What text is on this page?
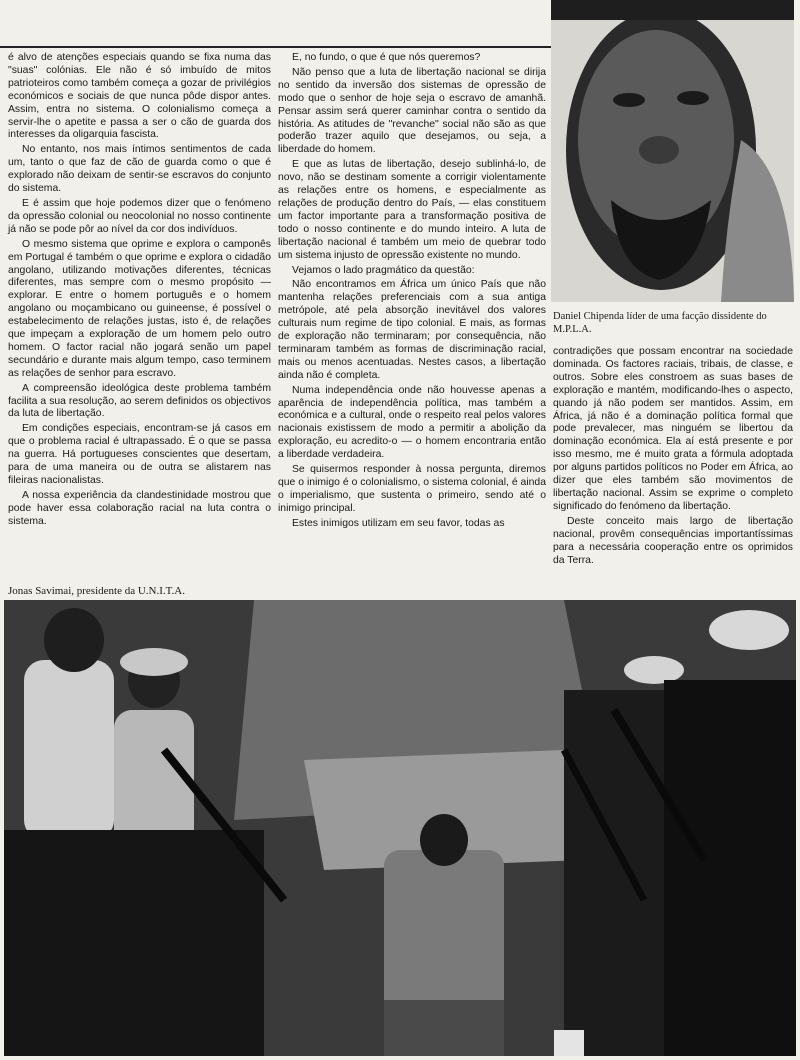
é alvo de atenções especiais quando se fixa numa das "suas" colónias. Ele não é só imbuído de mitos patrioteiros como também começa a gozar de privilégios económicos e sociais de que nunca pôde dispor antes. Assim, entra no sistema. O colonialismo começa a servir-lhe o apetite e passa a ser o cão de guarda dos interesses da oligarquia fascista.

No entanto, nos mais íntimos sentimentos de cada um, tanto o que faz de cão de guarda como o que é explorado não deixam de sentir-se escravos do conjunto do sistema.

E é assim que hoje podemos dizer que o fenómeno da opressão colonial ou neocolonial no nosso continente já não se pode pôr ao nível da cor dos indivíduos.

O mesmo sistema que oprime e explora o camponês em Portugal é também o que oprime e explora o cidadão angolano, utilizando motivações diferentes, técnicas diferentes, mas sempre com o mesmo propósito — explorar. E entre o homem português e o homem angolano ou moçambicano ou guineense, é possível o estabelecimento de relações justas, isto é, de relações que impeçam a exploração de um homem pelo outro homem. O factor racial não jogará senão um papel secundário e durante mais algum tempo, caso terminem as relações de senhor para escravo.

A compreensão ideológica deste problema também facilita a sua resolução, ao serem definidos os objectivos da luta de libertação.

Em condições especiais, encontram-se já casos em que o problema racial é ultrapassado. É o que se passa na guerra. Há portugueses conscientes que desertam, para de uma maneira ou de outra se alistarem nas fileiras nacionalistas.

A nossa experiência da clandestinidade mostrou que pode haver essa colaboração racial na luta contra o sistema.

E, no fundo, o que é que nós queremos?

Não penso que a luta de libertação nacional se dirija no sentido da inversão dos sistemas de opressão de modo que o senhor de hoje seja o escravo de amanhã. Pensar assim será querer caminhar contra o sentido da história. As atitudes de "revanche" social não são as que poderão trazer aquilo que desejamos, ou seja, a liberdade do homem.

E que as lutas de libertação, desejo sublinhá-lo, de novo, não se destinam somente a corrigir violentamente as relações entre os homens, e especialmente as relações de produção dentro do País, — elas constituem um factor importante para a transformação positiva de todo o nosso continente e do mundo inteiro. A luta de libertação nacional é também um meio de quebrar todo um sistema injusto de opressão existente no mundo.

Vejamos o lado pragmático da questão:

Não encontramos em África um único País que não mantenha relações preferenciais com a sua antiga metrópole, até pela absorção inevitável dos valores culturais num regime de tipo colonial. E mais, as formas de exploração não terminaram; por consequência, não terminaram também as formas de discriminação racial, mais ou menos acentuadas. Nestes casos, a libertação ainda não é completa.

Numa independência onde não houvesse apenas a aparência de independência política, mas também a económica e a cultural, onde o respeito real pelos valores nacionais existissem de modo a permitir a abolição da exploração, eu acredito-o — o homem encontraria então a liberdade verdadeira.

Se quisermos responder à nossa pergunta, diremos que o inimigo é o colonialismo, o sistema colonial, é ainda o imperialismo, que sustenta o primeiro, sendo até o inimigo principal.

Estes inimigos utilizam em seu favor, todas as

Daniel Chipenda líder de uma facção dissidente do M.P.L.A.

contradições que possam encontrar na sociedade dominada. Os factores raciais, tribais, de classe, e outros. Sobre eles constroem as suas bases de exploração e mantém, modificando-lhes o aspecto, quando já não podem ser mantidos. Assim, em África, já não é a dominação política formal que pode prevalecer, mas ninguém se libertou da dominação económica. Ela aí está presente e por isso mesmo, me é muito grata a fórmula adoptada por alguns partidos políticos no Poder em África, ao dizer que eles também são movimentos de libertação nacional. Assim se exprime o completo significado do fenómeno da libertação.

Deste conceito mais largo de libertação nacional, provêm consequências importantíssimas para a necessária cooperação entre os oprimidos da Terra.

Jonas Savimai, presidente da U.N.I.T.A.
